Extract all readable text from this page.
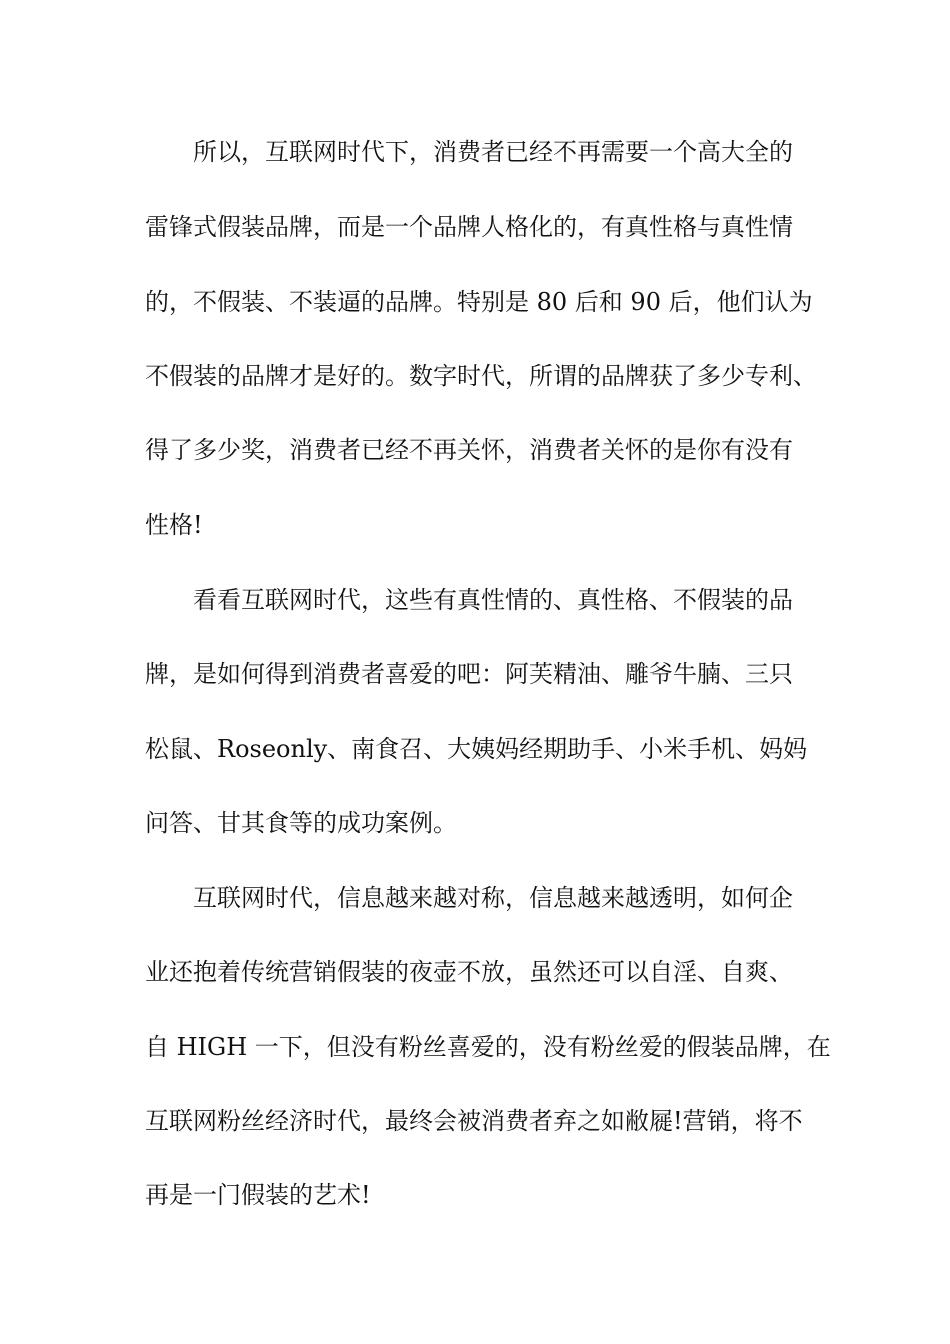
所以，互联网时代下，消费者已经不再需要一个高大全的
雷锋式假装品牌，而是一个品牌人格化的，有真性格与真性情
的，不假装、不装逼的品牌。特别是 80 后和 90 后，他们认为
不假装的品牌才是好的。数字时代，所谓的品牌获了多少专利、
得了多少奖，消费者已经不再关怀，消费者关怀的是你有没有
性格!
看看互联网时代，这些有真性情的、真性格、不假装的品
牌，是如何得到消费者喜爱的吧：阿芙精油、雕爷牛腩、三只
松鼠、Roseonly、南食召、大姨妈经期助手、小米手机、妈妈
问答、甘其食等的成功案例。
互联网时代，信息越来越对称，信息越来越透明，如何企
业还抱着传统营销假装的夜壶不放，虽然还可以自淫、自爽、
自 HIGH 一下，但没有粉丝喜爱的，没有粉丝爱的假装品牌，在
互联网粉丝经济时代，最终会被消费者弃之如敝屣!营销，将不
再是一门假装的艺术!
